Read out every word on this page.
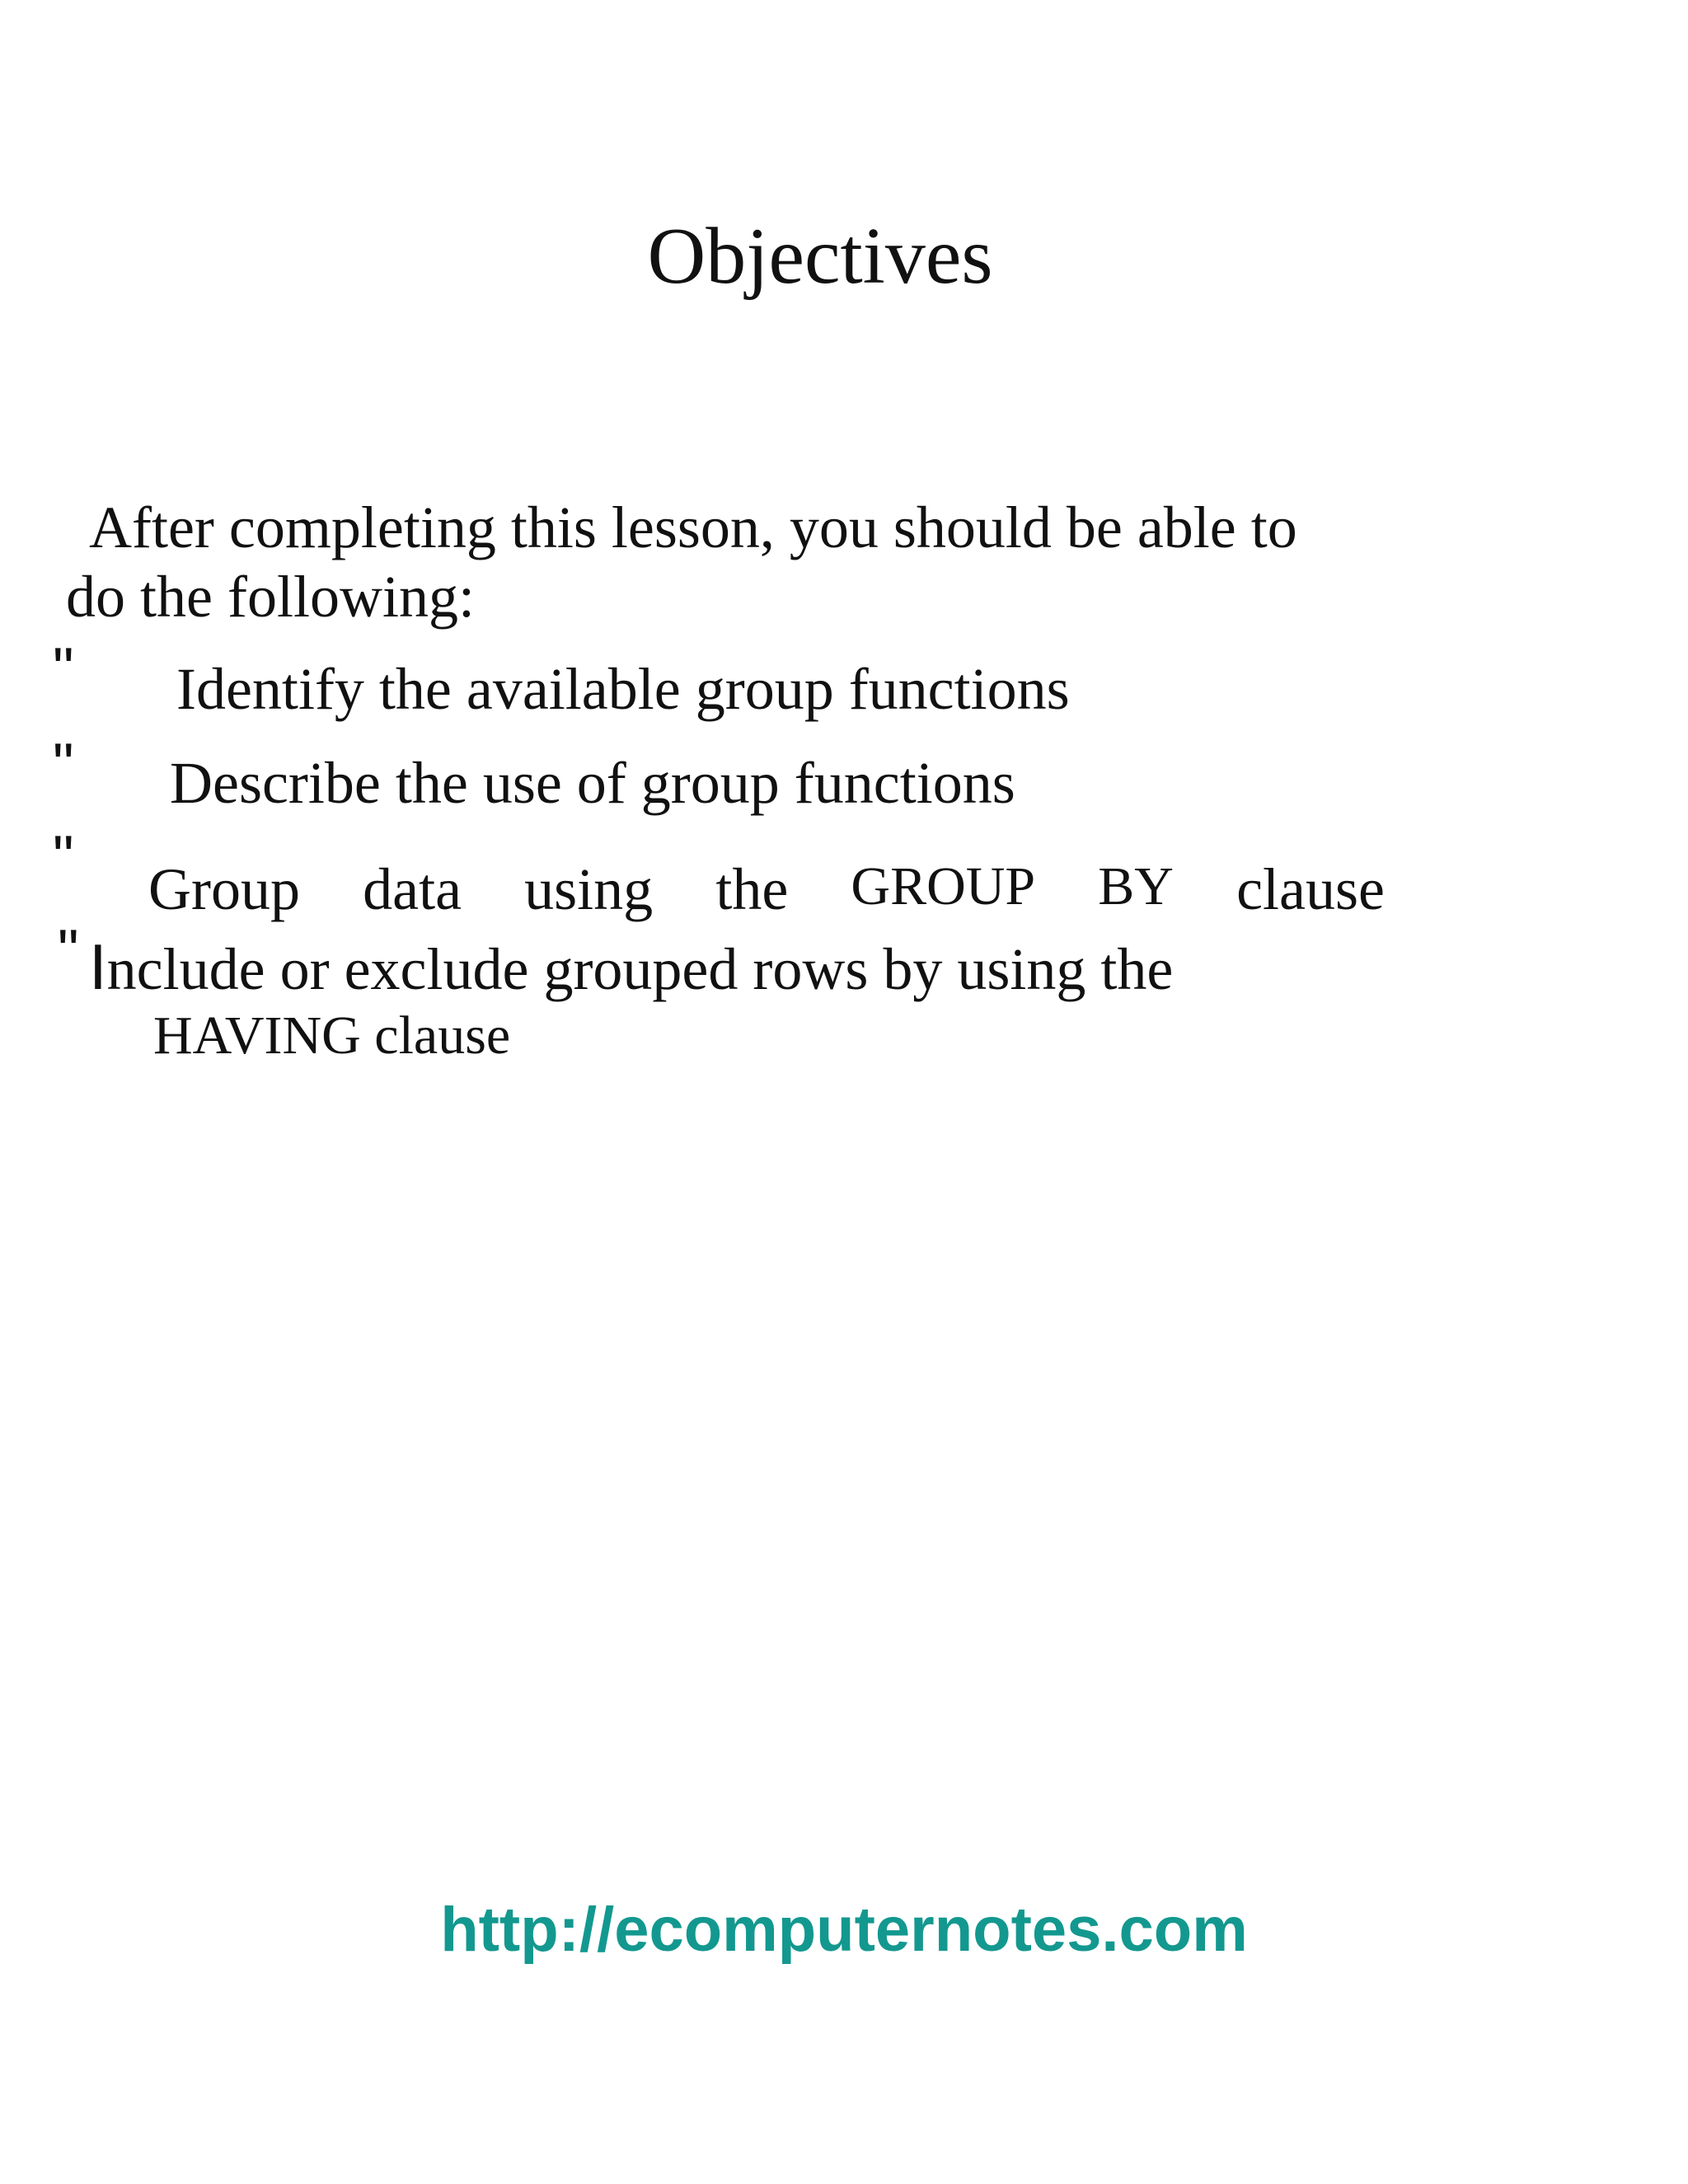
Objectives
After completing this lesson, you should be able to
do the following:
" Identify the available group functions
" Describe the use of group functions
" Group data using the GROUP BY clause
" Include or exclude grouped rows by using the
HAVING clause
http://ecomputernotes.com
